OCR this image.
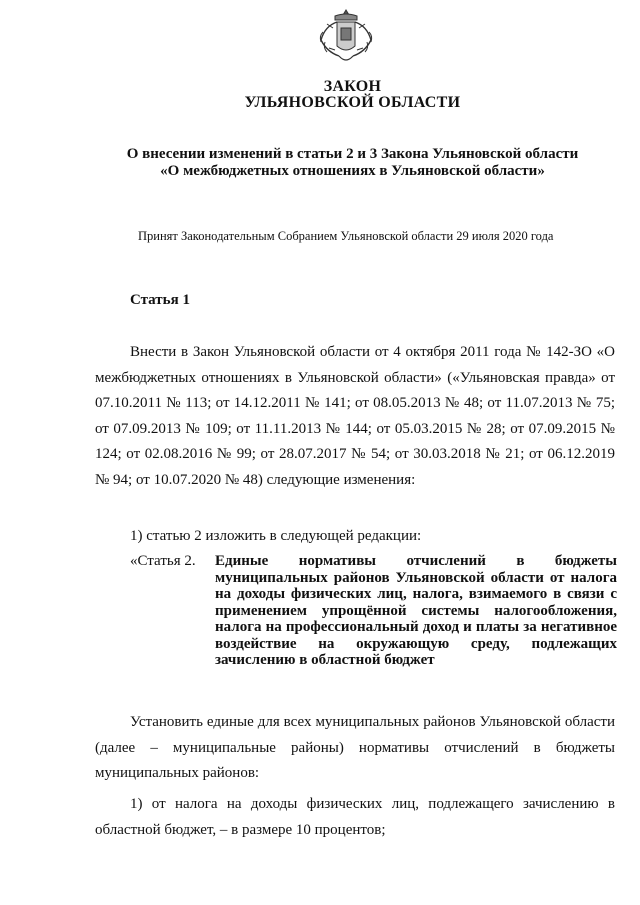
ЗАКОН
УЛЬЯНОВСКОЙ ОБЛАСТИ
О внесении изменений в статьи 2 и 3 Закона Ульяновской области
«О межбюджетных отношениях в Ульяновской области»
Принят Законодательным Собранием Ульяновской области 29 июля 2020 года
Статья 1

Внести в Закон Ульяновской области от 4 октября 2011 года № 142-ЗО «О межбюджетных отношениях в Ульяновской области» («Ульяновская правда» от 07.10.2011 № 113; от 14.12.2011 № 141; от 08.05.2013 № 48; от 11.07.2013 № 75; от 07.09.2013 № 109; от 11.11.2013 № 144; от 05.03.2015 № 28; от 07.09.2015 № 124; от 02.08.2016 № 99; от 28.07.2017 № 54; от 30.03.2018 № 21; от 06.12.2019 № 94; от 10.07.2020 № 48) следующие изменения:

1) статью 2 изложить в следующей редакции:
«Статья 2. Единые нормативы отчислений в бюджеты муниципальных районов Ульяновской области от налога на доходы физических лиц, налога, взимаемого в связи с применением упрощённой системы налогообложения, налога на профессиональный доход и платы за негативное воздействие на окружающую среду, подлежащих зачислению в областной бюджет

Установить единые для всех муниципальных районов Ульяновской области (далее – муниципальные районы) нормативы отчислений в бюджеты муниципальных районов:

1) от налога на доходы физических лиц, подлежащего зачислению в областной бюджет, – в размере 10 процентов;
